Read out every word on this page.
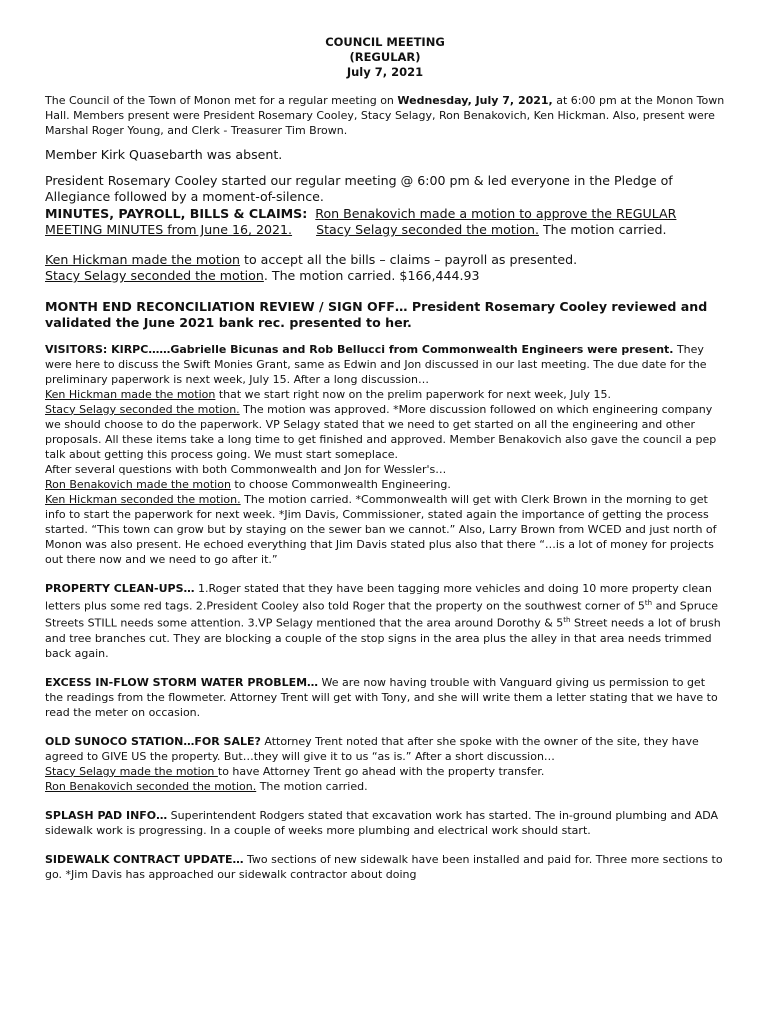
COUNCIL MEETING
(REGULAR)
July 7, 2021

The Council of the Town of Monon met for a regular meeting on Wednesday, July 7, 2021, at 6:00 pm at the Monon Town Hall. Members present were President Rosemary Cooley, Stacy Selagy, Ron Benakovich, Ken Hickman. Also, present were Marshal Roger Young, and Clerk - Treasurer Tim Brown.

Member Kirk Quasebarth was absent.

President Rosemary Cooley started our regular meeting @ 6:00 pm & led everyone in the Pledge of Allegiance followed by a moment-of-silence.

MINUTES, PAYROLL, BILLS & CLAIMS: Ron Benakovich made a motion to approve the REGULAR MEETING MINUTES from June 16, 2021. Stacy Selagy seconded the motion. The motion carried.

Ken Hickman made the motion to accept all the bills – claims – payroll as presented.
Stacy Selagy seconded the motion. The motion carried. $166,444.93

MONTH END RECONCILIATION REVIEW / SIGN OFF… President Rosemary Cooley reviewed and validated the June 2021 bank rec. presented to her.

VISITORS: KIRPC……Gabrielle Bicunas and Rob Bellucci from Commonwealth Engineers were present. They were here to discuss the Swift Monies Grant, same as Edwin and Jon discussed in our last meeting. The due date for the preliminary paperwork is next week, July 15. After a long discussion…
Ken Hickman made the motion that we start right now on the prelim paperwork for next week, July 15.
Stacy Selagy seconded the motion. The motion was approved. *More discussion followed on which engineering company we should choose to do the paperwork. VP Selagy stated that we need to get started on all the engineering and other proposals. All these items take a long time to get finished and approved. Member Benakovich also gave the council a pep talk about getting this process going. We must start someplace.
After several questions with both Commonwealth and Jon for Wessler's…
Ron Benakovich made the motion to choose Commonwealth Engineering.
Ken Hickman seconded the motion. The motion carried. *Commonwealth will get with Clerk Brown in the morning to get info to start the paperwork for next week. *Jim Davis, Commissioner, stated again the importance of getting the process started. “This town can grow but by staying on the sewer ban we cannot.” Also, Larry Brown from WCED and just north of Monon was also present. He echoed everything that Jim Davis stated plus also that there “…is a lot of money for projects out there now and we need to go after it.”

PROPERTY CLEAN-UPS… 1.Roger stated that they have been tagging more vehicles and doing 10 more property clean letters plus some red tags. 2.President Cooley also told Roger that the property on the southwest corner of 5th and Spruce Streets STILL needs some attention. 3.VP Selagy mentioned that the area around Dorothy & 5th Street needs a lot of brush and tree branches cut. They are blocking a couple of the stop signs in the area plus the alley in that area needs trimmed back again.

EXCESS IN-FLOW STORM WATER PROBLEM… We are now having trouble with Vanguard giving us permission to get the readings from the flowmeter. Attorney Trent will get with Tony, and she will write them a letter stating that we have to read the meter on occasion.

OLD SUNOCO STATION…FOR SALE? Attorney Trent noted that after she spoke with the owner of the site, they have agreed to GIVE US the property. But…they will give it to us “as is.” After a short discussion…
Stacy Selagy made the motion to have Attorney Trent go ahead with the property transfer.
Ron Benakovich seconded the motion. The motion carried.

SPLASH PAD INFO… Superintendent Rodgers stated that excavation work has started. The in-ground plumbing and ADA sidewalk work is progressing. In a couple of weeks more plumbing and electrical work should start.

SIDEWALK CONTRACT UPDATE… Two sections of new sidewalk have been installed and paid for. Three more sections to go. *Jim Davis has approached our sidewalk contractor about doing
